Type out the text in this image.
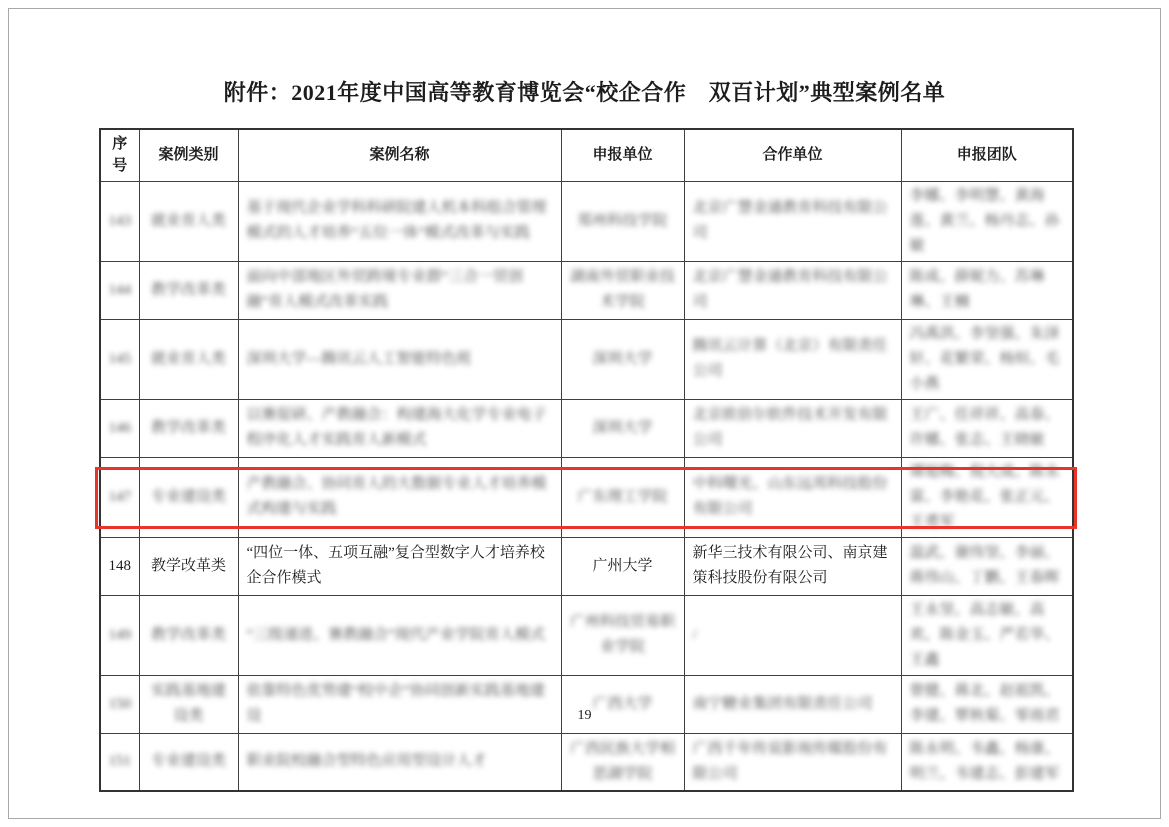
附件：2021年度中国高等教育博览会“校企合作　双百计划”典型案例名单
序号	案例类别	案例名称	申报单位	合作单位	申报团队
143	就业育人类	基于现代企业学科科研院建人机本科组合管理模式的人才培养“五位一体”模式改革与实践	郑州科技学院	北京广慧金通教育科技有限公司	李娜、李明慧、黄海莲、黄兰、杨丹志、孙敏
144	教学改革类	面向中部地区外贸跨境专业群“三合一贸创融”育人模式改革实践	湖南外贸职业技术学院	北京广慧金通教育科技有限公司	陈成、薛妮力、苏琳琳、王楠
145	就业育人类	深圳大学—腾讯云人工智能特色班	深圳大学	腾讯云计算（北京）有限责任公司	冯禹洪、李坚强、朱泽轩、花繁荣、杨烜、毛小燕
146	教学改革类	以赛促研、产教融合：构建海大化学专业电子程序化人才实践育人新模式	深圳大学	北京欧倍尔软件技术开发有限公司	王广、任祥祥、高春、许娜、张志、王晓敏
147	专业建设类	产教融合、协同育人的大数据专业人才培养模式构建与实践	广东理工学院	中科曙光、山东远邦科技股份有限公司	谭旭梅、倪大成、陈永富、李艳花、张正元、王勇军
148	教学改革类	“四位一体、五项互融”复合型数字人才培养校企合作模式	广州大学	新华三技术有限公司、南京建策科技股份有限公司	温武、谢伟坚、李丽、蒋伟山、丁鹏、王春晖
149	教学改革类	“三级递进、赛教融合”现代产业学院育人模式	广州科技贸易职业学院	/	王永坚、高志敏、高欢、陈金玉、严若华、王鑫
150	实践基地建设类	依靠特色优势建“校中企”协同创新实践基地建设	广西大学	南宁糖业集团有限责任公司	曾健、蒋北、赵祖凯、李建、覃秋菊、零雨君
151	专业建设类	职业院校融合型特色应用型设计人才	广西民族大学相思湖学院	广西千年传说影视传媒股份有限公司	陈永明、韦鑫、杨康、明兰、韦建志、彭建军
19
